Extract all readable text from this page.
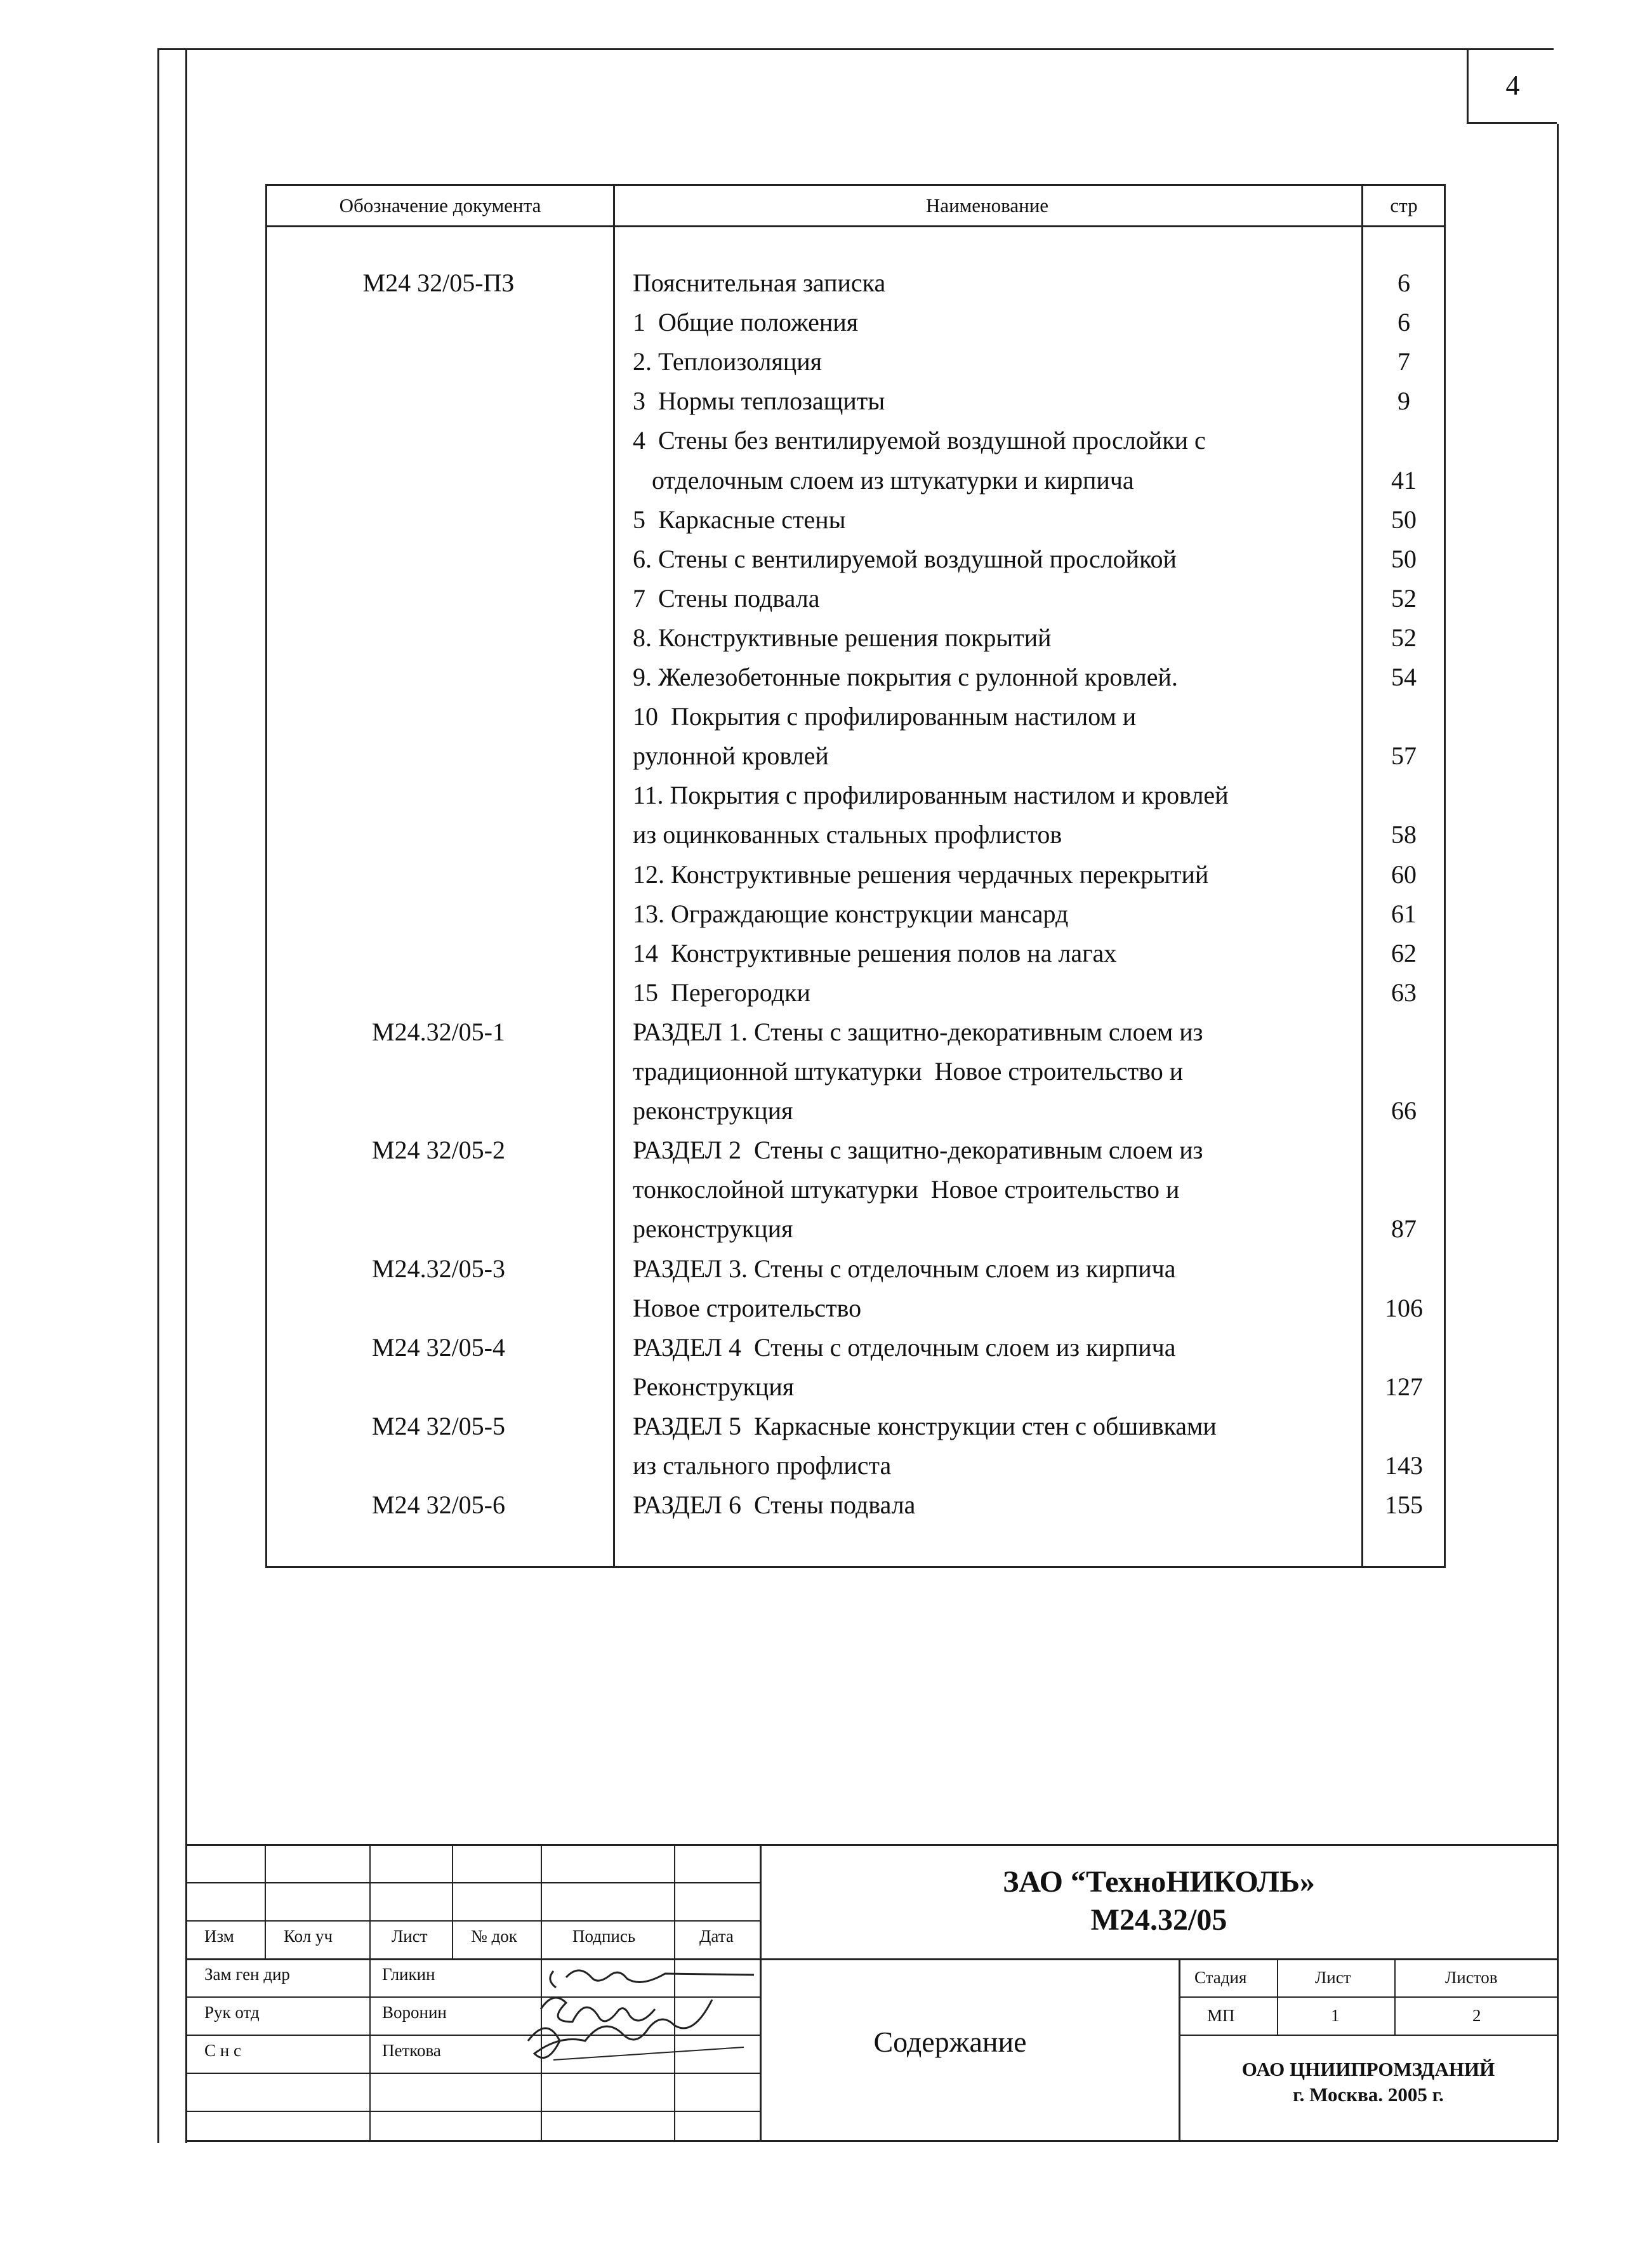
4
Обозначение документа	Наименование	стр
М24 32/05-ПЗ	Пояснительная записка	6
1  Общие положения	6
2. Теплоизоляция	7
3  Нормы теплозащиты	9
4  Стены без вентилируемой воздушной прослойки с
отделочным слоем из штукатурки и кирпича	41
5  Каркасные стены	50
6. Стены с вентилируемой воздушной прослойкой	50
7  Стены подвала	52
8. Конструктивные решения покрытий	52
9. Железобетонные покрытия с рулонной кровлей.	54
10  Покрытия с профилированным настилом и
рулонной кровлей	57
11. Покрытия с профилированным настилом и кровлей
из оцинкованных стальных профлистов	58
12. Конструктивные решения чердачных перекрытий	60
13. Ограждающие конструкции мансард	61
14  Конструктивные решения полов на лагах	62
15  Перегородки	63
М24.32/05-1	РАЗДЕЛ 1. Стены с защитно-декоративным слоем из
традиционной штукатурки  Новое строительство и
реконструкция	66
М24 32/05-2	РАЗДЕЛ 2  Стены с защитно-декоративным слоем из
тонкослойной штукатурки  Новое строительство и
реконструкция	87
М24.32/05-3	РАЗДЕЛ 3. Стены с отделочным слоем из кирпича
Новое строительство	106
М24 32/05-4	РАЗДЕЛ 4  Стены с отделочным слоем из кирпича
Реконструкция	127
М24 32/05-5	РАЗДЕЛ 5  Каркасные конструкции стен с обшивками
из стального профлиста	143
М24 32/05-6	РАЗДЕЛ 6  Стены подвала	155
Изм	Кол уч	Лист	№ док	Подпись	Дата
Зам ген дир	Гликин
Рук отд	Воронин
С н с	Петкова
ЗАО “ТехноНИКОЛЬ»
М24.32/05
Содержание
Стадия	Лист	Листов
МП	1	2
ОАО ЦНИИПРОМЗДАНИЙ
г. Москва. 2005 г.
